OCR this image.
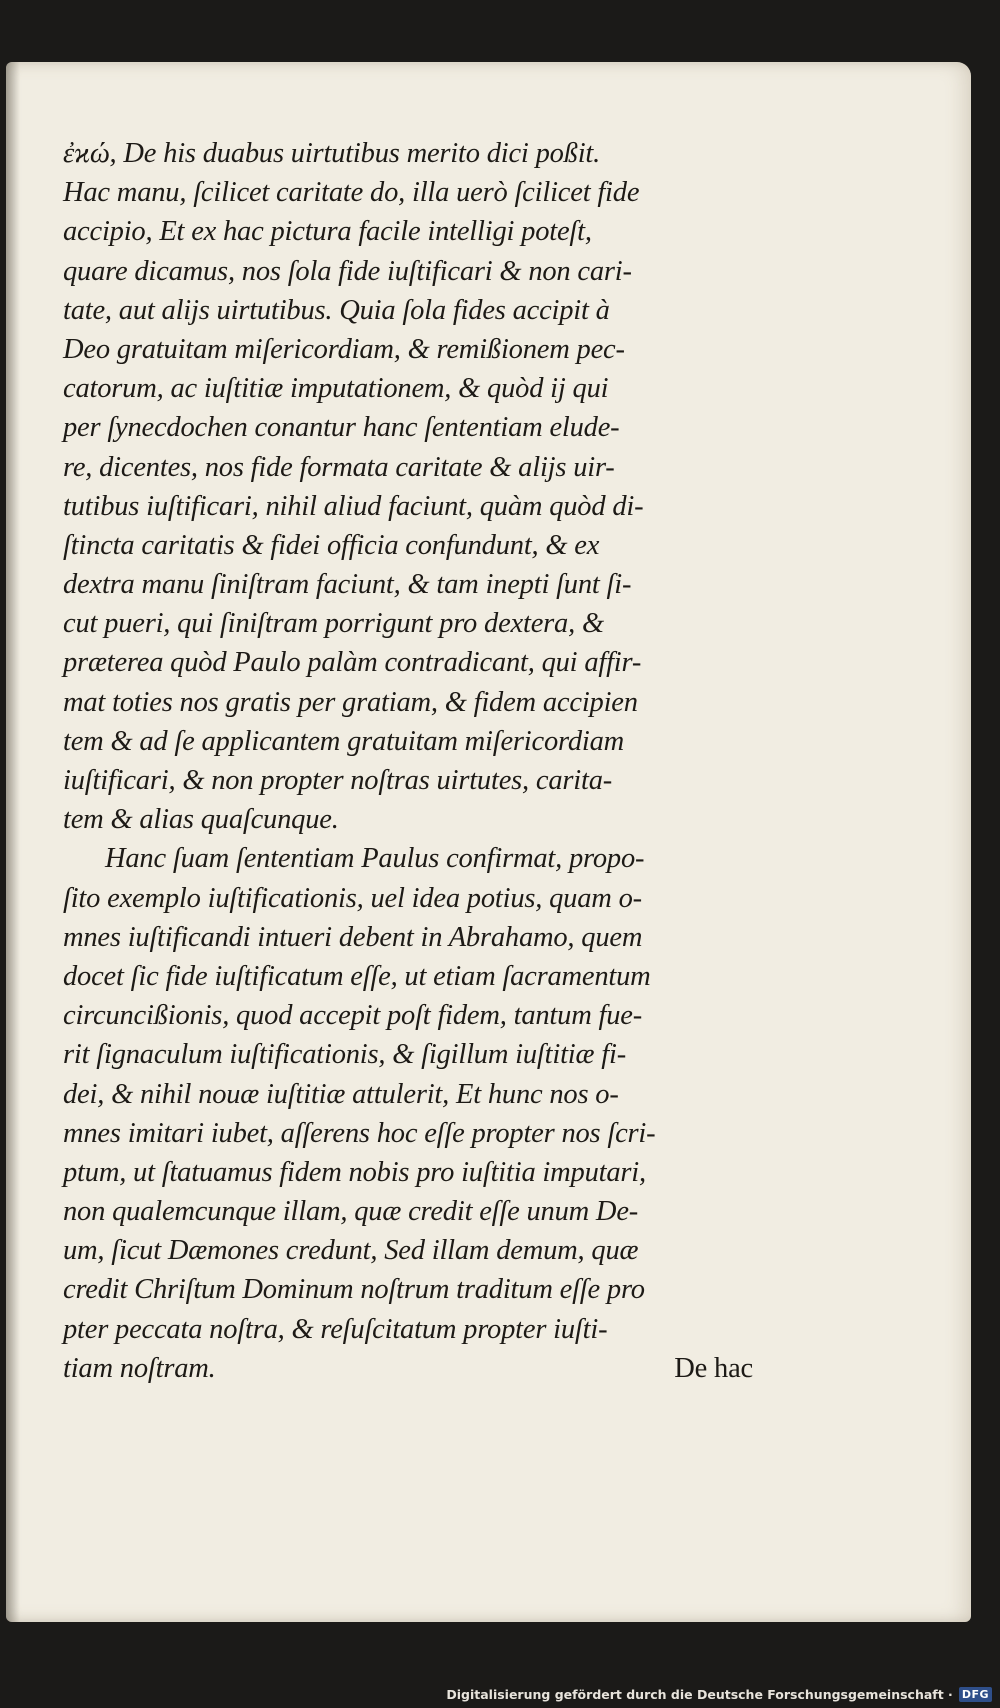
ἐϰώ, De his duabus uirtutibus merito dici poßit.
Hac manu, ſcilicet caritate do, illa uerò ſcilicet fide
accipio, Et ex hac pictura facile intelligi poteſt,
quare dicamus, nos ſola fide iuſtificari & non cari-
tate, aut alijs uirtutibus. Quia ſola fides accipit à
Deo gratuitam miſericordiam, & remißionem pec-
catorum, ac iuſtitiæ imputationem, & quòd ij qui
per ſynecdochen conantur hanc ſententiam elude-
re, dicentes, nos fide formata caritate & alijs uir-
tutibus iuſtificari, nihil aliud faciunt, quàm quòd di-
ſtincta caritatis & fidei officia confundunt, & ex
dextra manu ſiniſtram faciunt, & tam inepti ſunt ſi-
cut pueri, qui ſiniſtram porrigunt pro dextera, &
præterea quòd Paulo palàm contradicant, qui affir-
mat toties nos gratis per gratiam, & fidem accipien
tem & ad ſe applicantem gratuitam miſericordiam
iuſtificari, & non propter noſtras uirtutes, carita-
tem & alias quaſcunque.
Hanc ſuam ſententiam Paulus confirmat, propo-
ſito exemplo iuſtificationis, uel idea potius, quam o-
mnes iuſtificandi intueri debent in Abrahamo, quem
docet ſic fide iuſtificatum eſſe, ut etiam ſacramentum
circuncißionis, quod accepit poſt fidem, tantum fue-
rit ſignaculum iuſtificationis, & ſigillum iuſtitiæ fi-
dei, & nihil nouæ iuſtitiæ attulerit, Et hunc nos o-
mnes imitari iubet, aſſerens hoc eſſe propter nos ſcri-
ptum, ut ſtatuamus fidem nobis pro iuſtitia imputari,
non qualemcunque illam, quæ credit eſſe unum De-
um, ſicut Dæmones credunt, Sed illam demum, quæ
credit Chriſtum Dominum noſtrum traditum eſſe pro
pter peccata noſtra, & reſuſcitatum propter iuſti-
tiam noſtram.	De hac
Digitalisierung gefördert durch die Deutsche Forschungsgemeinschaft · DFG
